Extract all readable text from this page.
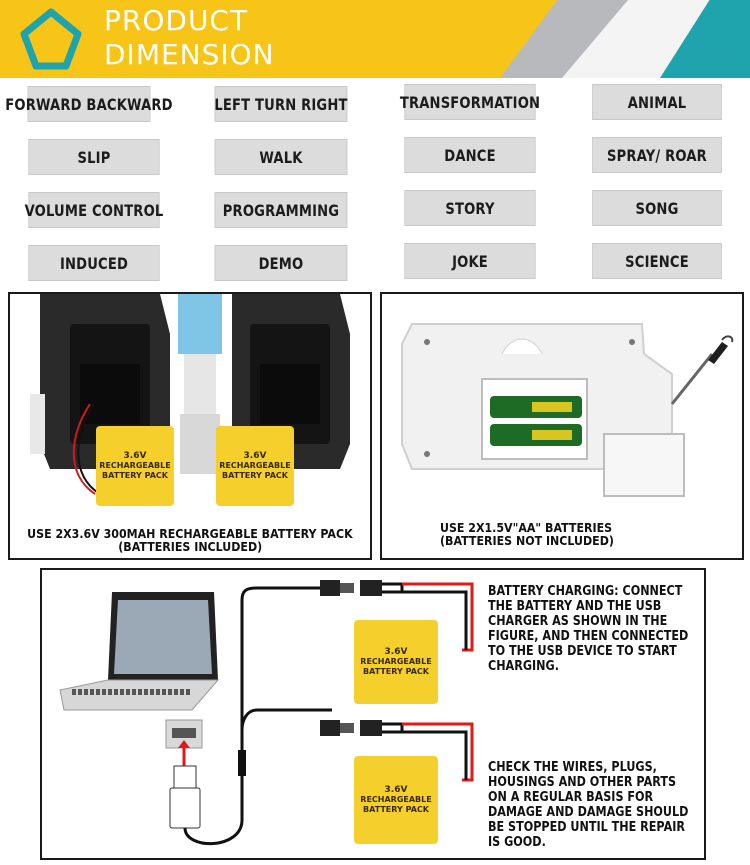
PRODUCT
DIMENSION
FORWARD BACKWARD	LEFT TURN RIGHT	TRANSFORMATION	ANIMAL
SLIP	WALK	DANCE	SPRAY/ ROAR
VOLUME CONTROL	PROGRAMMING	STORY	SONG
INDUCED	DEMO	JOKE	SCIENCE
3.6V
RECHARGEABLE
BATTERY PACK
3.6V
RECHARGEABLE
BATTERY PACK
USE 2X3.6V 300MAH RECHARGEABLE BATTERY PACK
(BATTERIES INCLUDED)
USE 2X1.5V"AA" BATTERIES
(BATTERIES NOT INCLUDED)
3.6V
RECHARGEABLE
BATTERY PACK
3.6V
RECHARGEABLE
BATTERY PACK
BATTERY CHARGING: CONNECT
THE BATTERY AND THE USB
CHARGER AS SHOWN IN THE
FIGURE, AND THEN CONNECTED
TO THE USB DEVICE TO START
CHARGING.
CHECK THE WIRES, PLUGS,
HOUSINGS AND OTHER PARTS
ON A REGULAR BASIS FOR
DAMAGE AND DAMAGE SHOULD
BE STOPPED UNTIL THE REPAIR
IS GOOD.
